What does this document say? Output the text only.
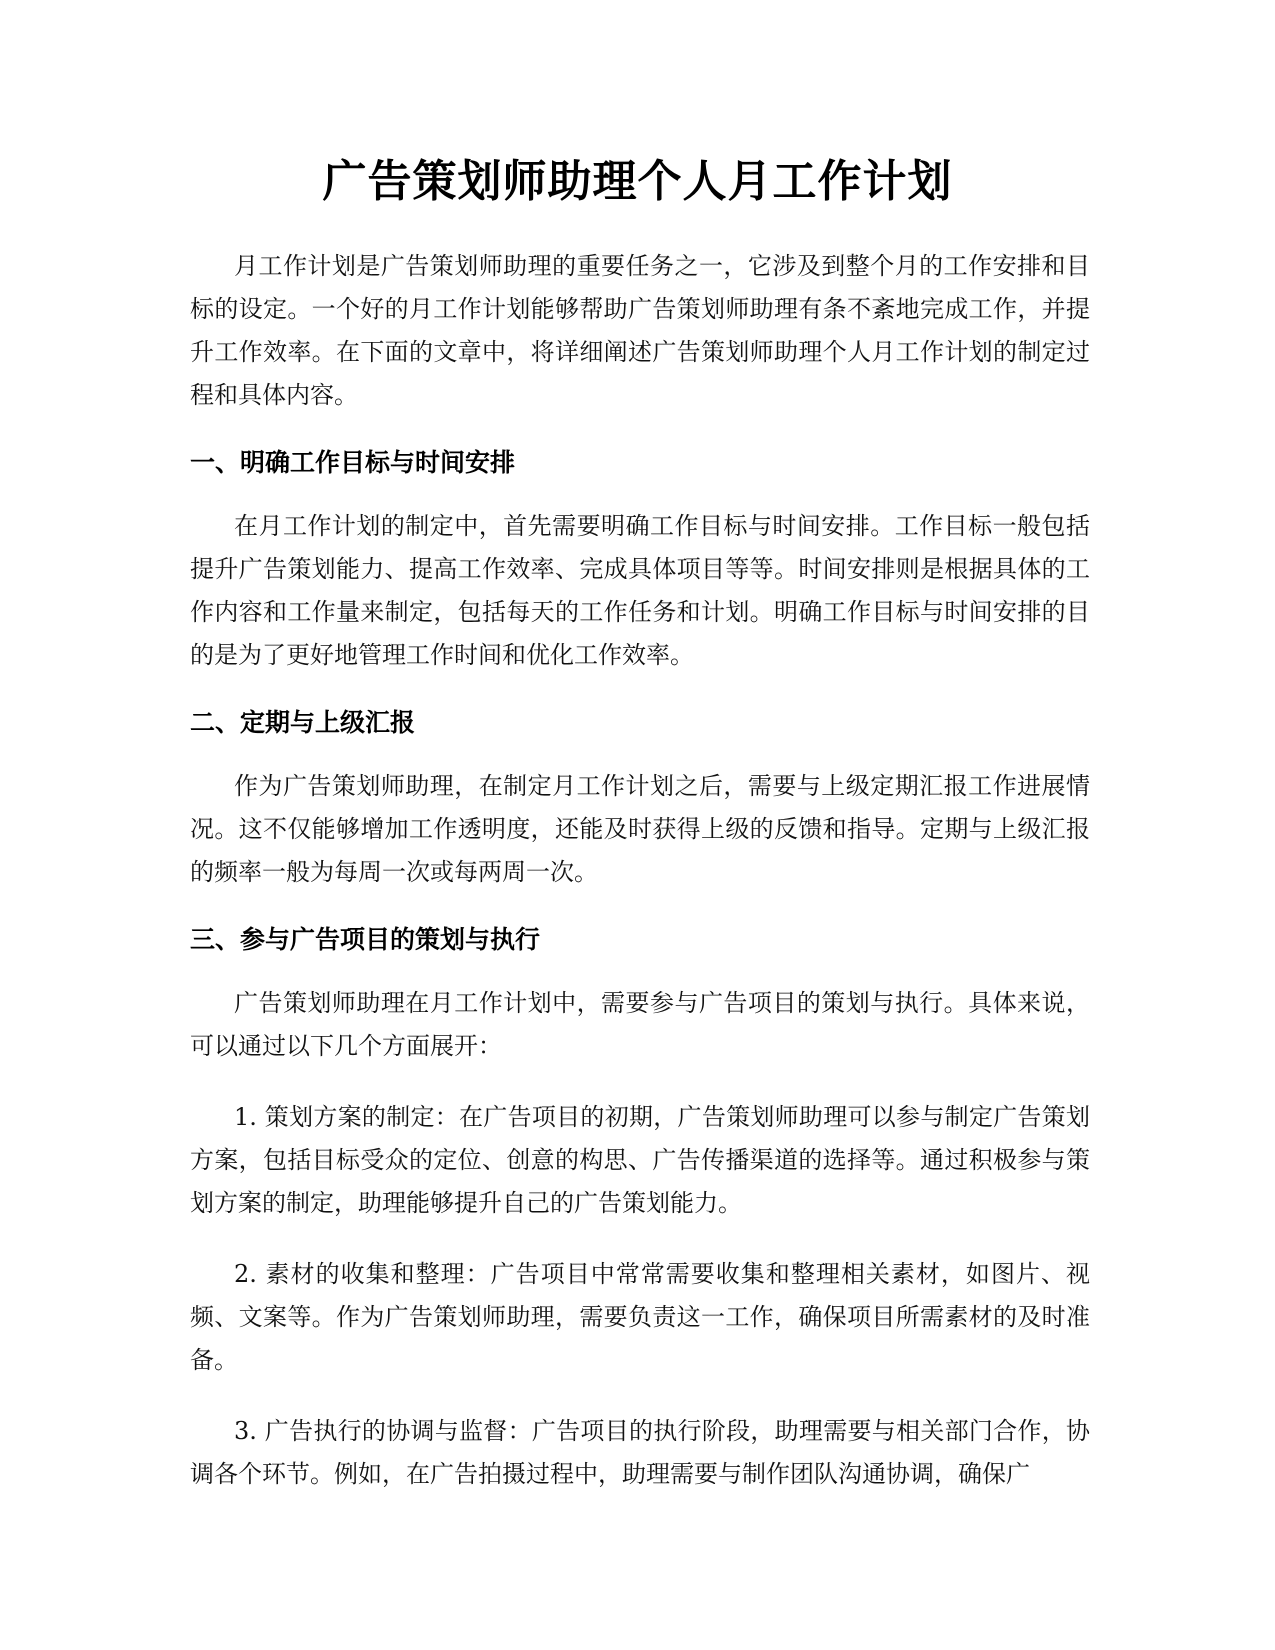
广告策划师助理个人月工作计划

月工作计划是广告策划师助理的重要任务之一，它涉及到整个月的工作安排和目标的设定。一个好的月工作计划能够帮助广告策划师助理有条不紊地完成工作，并提升工作效率。在下面的文章中，将详细阐述广告策划师助理个人月工作计划的制定过程和具体内容。

一、明确工作目标与时间安排

在月工作计划的制定中，首先需要明确工作目标与时间安排。工作目标一般包括提升广告策划能力、提高工作效率、完成具体项目等等。时间安排则是根据具体的工作内容和工作量来制定，包括每天的工作任务和计划。明确工作目标与时间安排的目的是为了更好地管理工作时间和优化工作效率。

二、定期与上级汇报

作为广告策划师助理，在制定月工作计划之后，需要与上级定期汇报工作进展情况。这不仅能够增加工作透明度，还能及时获得上级的反馈和指导。定期与上级汇报的频率一般为每周一次或每两周一次。

三、参与广告项目的策划与执行

广告策划师助理在月工作计划中，需要参与广告项目的策划与执行。具体来说，可以通过以下几个方面展开：

1. 策划方案的制定：在广告项目的初期，广告策划师助理可以参与制定广告策划方案，包括目标受众的定位、创意的构思、广告传播渠道的选择等。通过积极参与策划方案的制定，助理能够提升自己的广告策划能力。

2. 素材的收集和整理：广告项目中常常需要收集和整理相关素材，如图片、视频、文案等。作为广告策划师助理，需要负责这一工作，确保项目所需素材的及时准备。

3. 广告执行的协调与监督：广告项目的执行阶段，助理需要与相关部门合作，协调各个环节。例如，在广告拍摄过程中，助理需要与制作团队沟通协调，确保广
